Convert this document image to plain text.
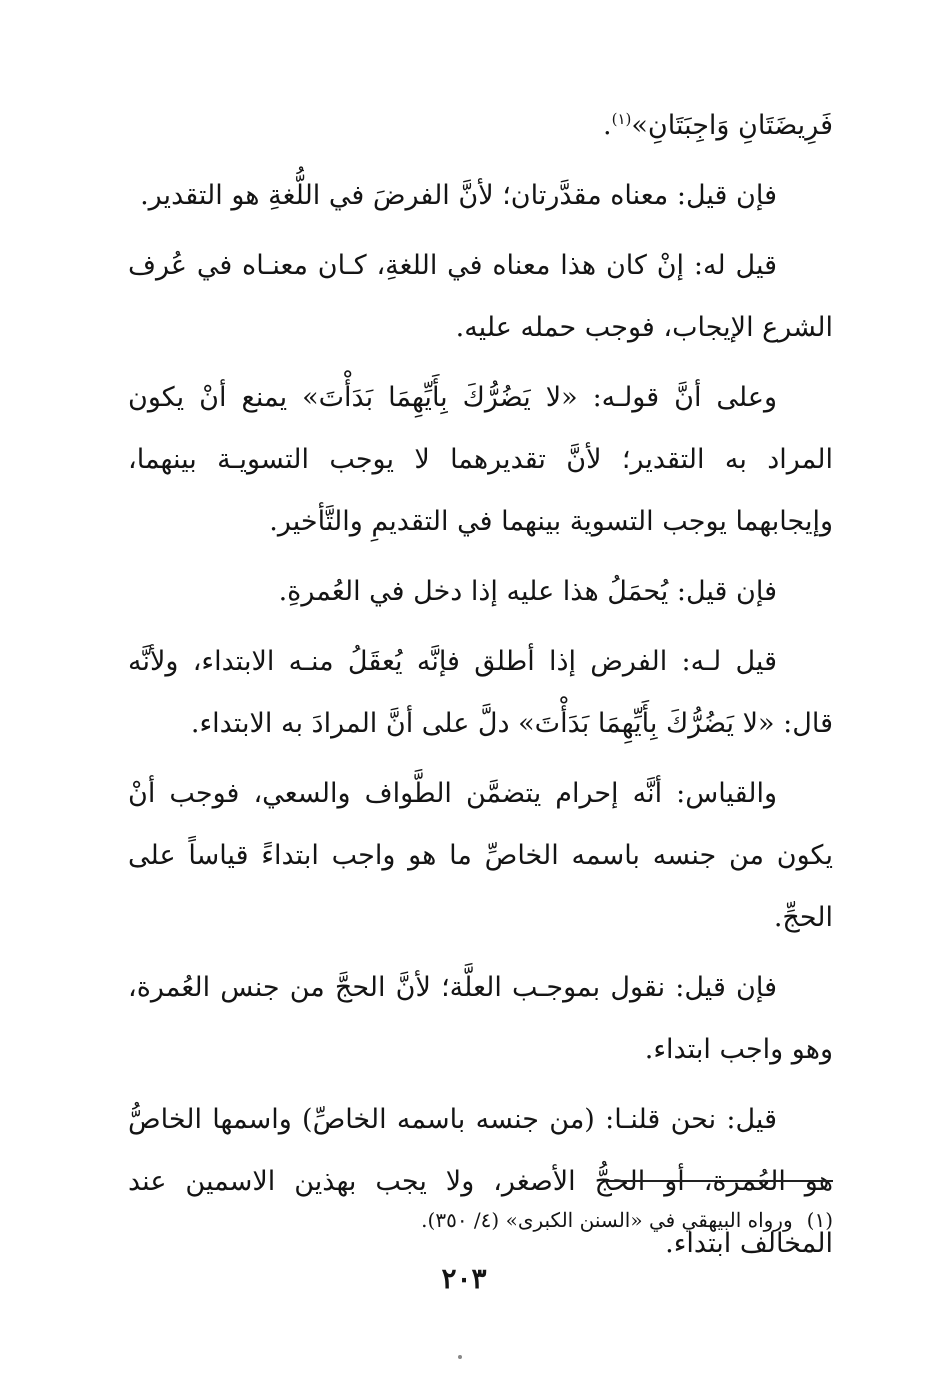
فَرِيضَتَانِ وَاجِبَتَانِ»$^{(١)}$.

فإن قيل: معناه مقدَّرتان؛ لأنَّ الفرضَ في اللُّغةِ هو التقدير.

قيل له: إنْ كان هذا معناه في اللغةِ، كـان معنـاه في عُرف الشرع الإيجاب، فوجب حمله عليه.

وعلى أنَّ قولـه: «لا يَضُرُّكَ بِأَيِّهِمَا بَدَأْتَ» يمنع أنْ يكون المراد به التقدير؛ لأنَّ تقديرهما لا يوجب التسويـة بينهما، وإيجابهما يوجب التسوية بينهما في التقديمِ والتَّأخير.

فإن قيل: يُحمَلُ هذا عليه إذا دخل في العُمرةِ.

قيل لـه: الفرض إذا أطلق فإنَّه يُعقَلُ منـه الابتداء، ولأنَّه قال: «لا يَضُرُّكَ بِأَيِّهِمَا بَدَأْتَ» دلَّ على أنَّ المرادَ به الابتداء.

والقياس: أنَّه إحرام يتضمَّن الطَّواف والسعي، فوجب أنْ يكون من جنسه باسمه الخاصِّ ما هو واجب ابتداءً قياساً على الحجِّ.

فإن قيل: نقول بموجـب العلَّة؛ لأنَّ الحجَّ من جنس العُمرة، وهو واجب ابتداء.

قيل: نحن قلنـا: (من جنسه باسمه الخاصِّ) واسمها الخاصُّ هو العُمرة، أو الحجُّ الأصغر، ولا يجب بهذين الاسمين عند المخالف ابتداء.

(١)ورواه البيهقي في «السنن الكبرى» (٤/ ٣٥٠).
٢٠٣
